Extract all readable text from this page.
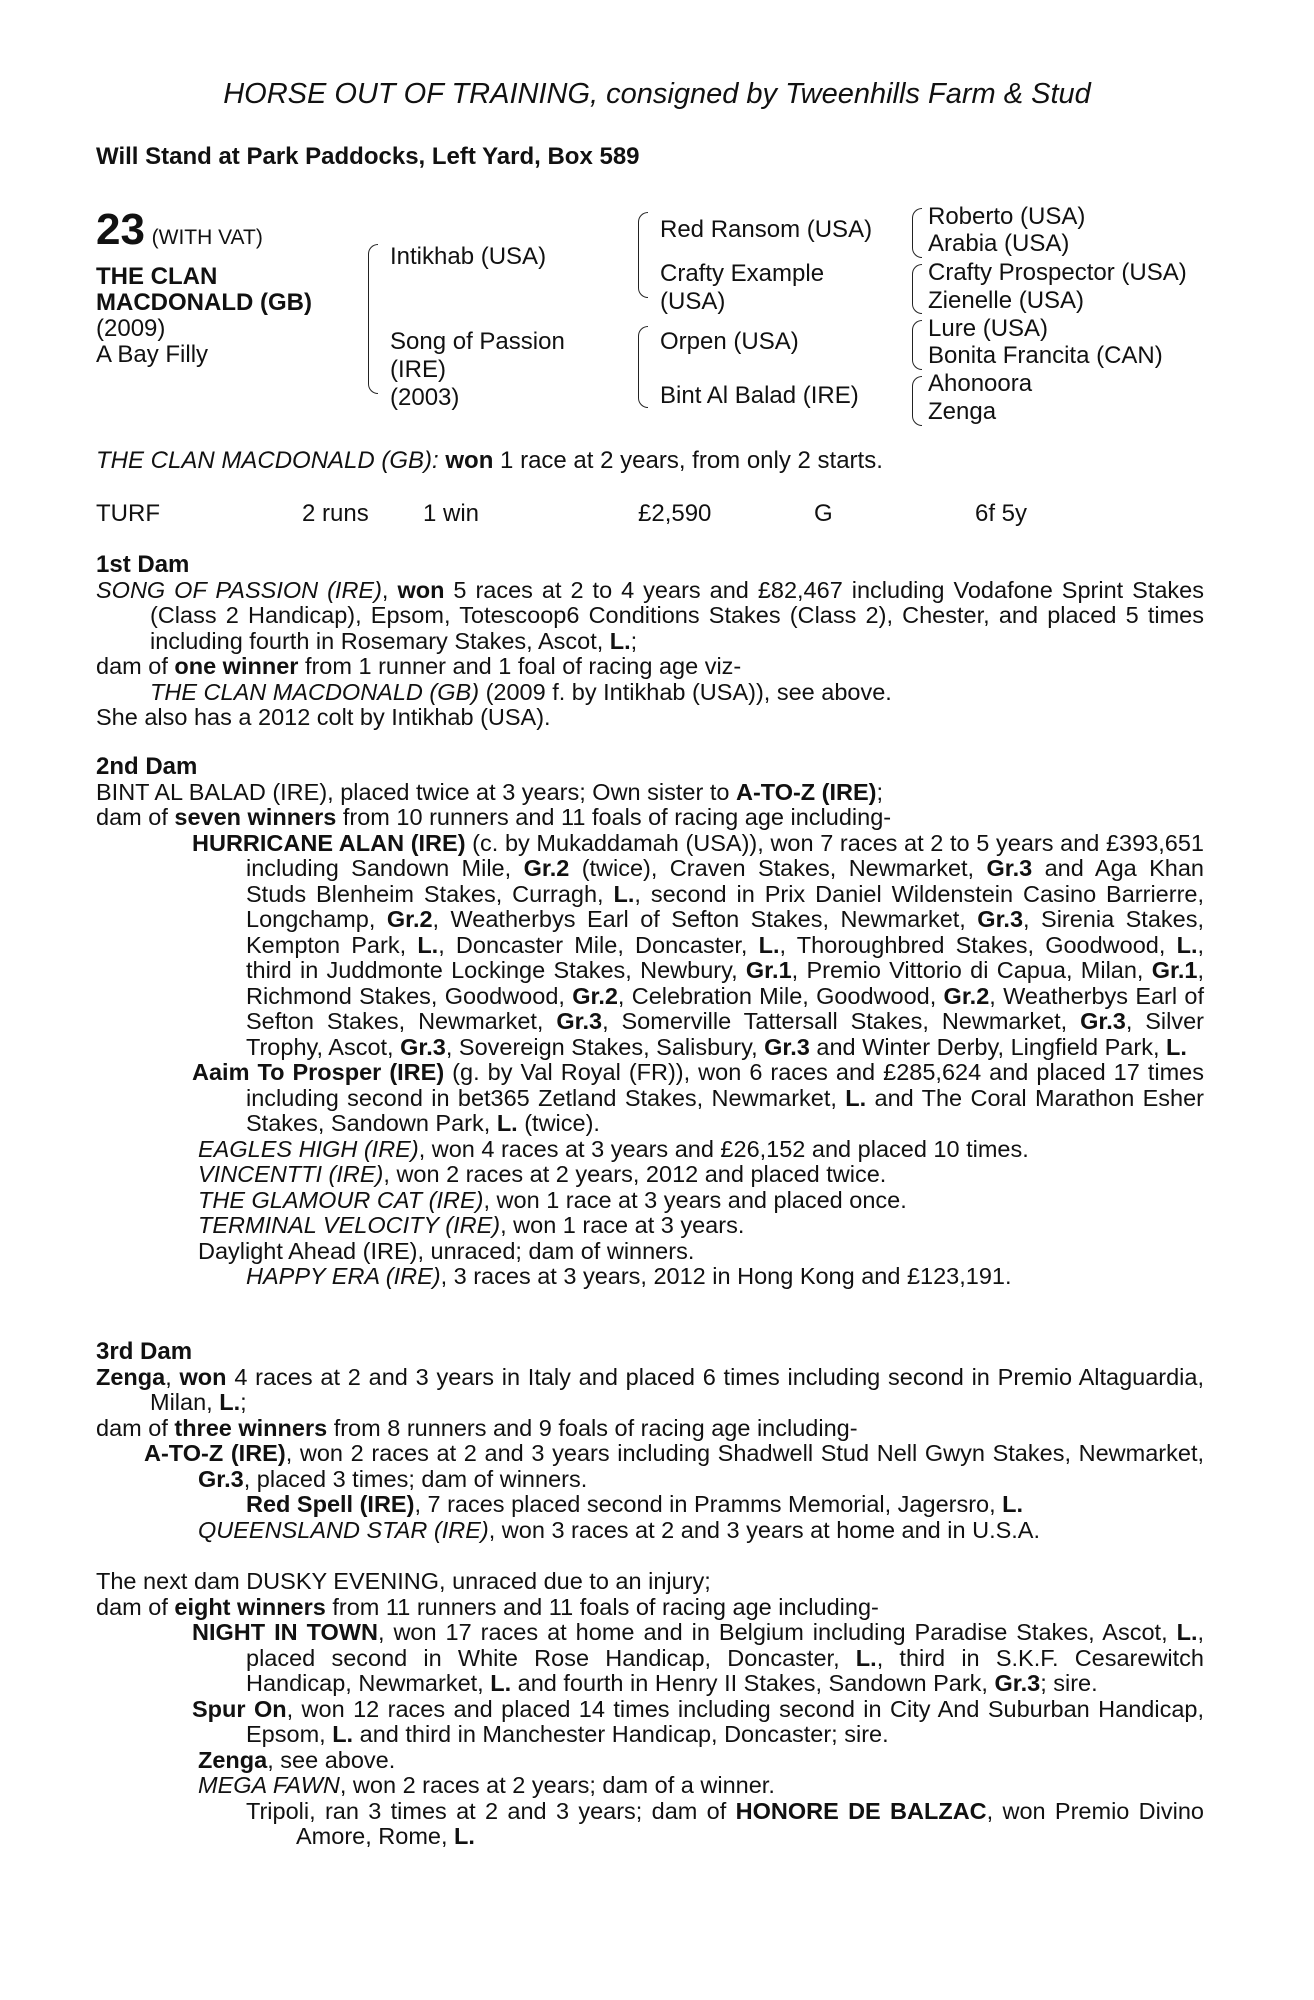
HORSE OUT OF TRAINING, consigned by Tweenhills Farm & Stud
Will Stand at Park Paddocks, Left Yard, Box 589
23 (WITH VAT)
THE CLAN
MACDONALD (GB)
(2009)
A Bay Filly
Intikhab (USA)
Song of Passion
(IRE)
(2003)
Red Ransom (USA)
Crafty Example
(USA)
Orpen (USA)
Bint Al Balad (IRE)
Roberto (USA)
Arabia (USA)
Crafty Prospector (USA)
Zienelle (USA)
Lure (USA)
Bonita Francita (CAN)
Ahonoora
Zenga
THE CLAN MACDONALD (GB): won 1 race at 2 years, from only 2 starts.
TURF	2 runs 1 win	£2,590	G	6f 5y
1st Dam

SONG OF PASSION (IRE), won 5 races at 2 to 4 years and £82,467 including Vodafone Sprint Stakes (Class 2 Handicap), Epsom, Totescoop6 Conditions Stakes (Class 2), Chester, and placed 5 times including fourth in Rosemary Stakes, Ascot, L.;

dam of one winner from 1 runner and 1 foal of racing age viz-

THE CLAN MACDONALD (GB) (2009 f. by Intikhab (USA)), see above.

She also has a 2012 colt by Intikhab (USA).

2nd Dam

BINT AL BALAD (IRE), placed twice at 3 years; Own sister to A-TO-Z (IRE);

dam of seven winners from 10 runners and 11 foals of racing age including-

HURRICANE ALAN (IRE) (c. by Mukaddamah (USA)), won 7 races at 2 to 5 years and £393,651 including Sandown Mile, Gr.2 (twice), Craven Stakes, Newmarket, Gr.3 and Aga Khan Studs Blenheim Stakes, Curragh, L., second in Prix Daniel Wildenstein Casino Barrierre, Longchamp, Gr.2, Weatherbys Earl of Sefton Stakes, Newmarket, Gr.3, Sirenia Stakes, Kempton Park, L., Doncaster Mile, Doncaster, L., Thoroughbred Stakes, Goodwood, L., third in Juddmonte Lockinge Stakes, Newbury, Gr.1, Premio Vittorio di Capua, Milan, Gr.1, Richmond Stakes, Goodwood, Gr.2, Celebration Mile, Goodwood, Gr.2, Weatherbys Earl of Sefton Stakes, Newmarket, Gr.3, Somerville Tattersall Stakes, Newmarket, Gr.3, Silver Trophy, Ascot, Gr.3, Sovereign Stakes, Salisbury, Gr.3 and Winter Derby, Lingfield Park, L.

Aaim To Prosper (IRE) (g. by Val Royal (FR)), won 6 races and £285,624 and placed 17 times including second in bet365 Zetland Stakes, Newmarket, L. and The Coral Marathon Esher Stakes, Sandown Park, L. (twice).

EAGLES HIGH (IRE), won 4 races at 3 years and £26,152 and placed 10 times.

VINCENTTI (IRE), won 2 races at 2 years, 2012 and placed twice.

THE GLAMOUR CAT (IRE), won 1 race at 3 years and placed once.

TERMINAL VELOCITY (IRE), won 1 race at 3 years.

Daylight Ahead (IRE), unraced; dam of winners.

HAPPY ERA (IRE), 3 races at 3 years, 2012 in Hong Kong and £123,191.

3rd Dam

Zenga, won 4 races at 2 and 3 years in Italy and placed 6 times including second in Premio Altaguardia, Milan, L.;

dam of three winners from 8 runners and 9 foals of racing age including-

A-TO-Z (IRE), won 2 races at 2 and 3 years including Shadwell Stud Nell Gwyn Stakes, Newmarket, Gr.3, placed 3 times; dam of winners.

Red Spell (IRE), 7 races placed second in Pramms Memorial, Jagersro, L.

QUEENSLAND STAR (IRE), won 3 races at 2 and 3 years at home and in U.S.A.

The next dam DUSKY EVENING, unraced due to an injury;

dam of eight winners from 11 runners and 11 foals of racing age including-

NIGHT IN TOWN, won 17 races at home and in Belgium including Paradise Stakes, Ascot, L., placed second in White Rose Handicap, Doncaster, L., third in S.K.F. Cesarewitch Handicap, Newmarket, L. and fourth in Henry II Stakes, Sandown Park, Gr.3; sire.

Spur On, won 12 races and placed 14 times including second in City And Suburban Handicap, Epsom, L. and third in Manchester Handicap, Doncaster; sire.

Zenga, see above.

MEGA FAWN, won 2 races at 2 years; dam of a winner.

Tripoli, ran 3 times at 2 and 3 years; dam of HONORE DE BALZAC, won Premio Divino Amore, Rome, L.
